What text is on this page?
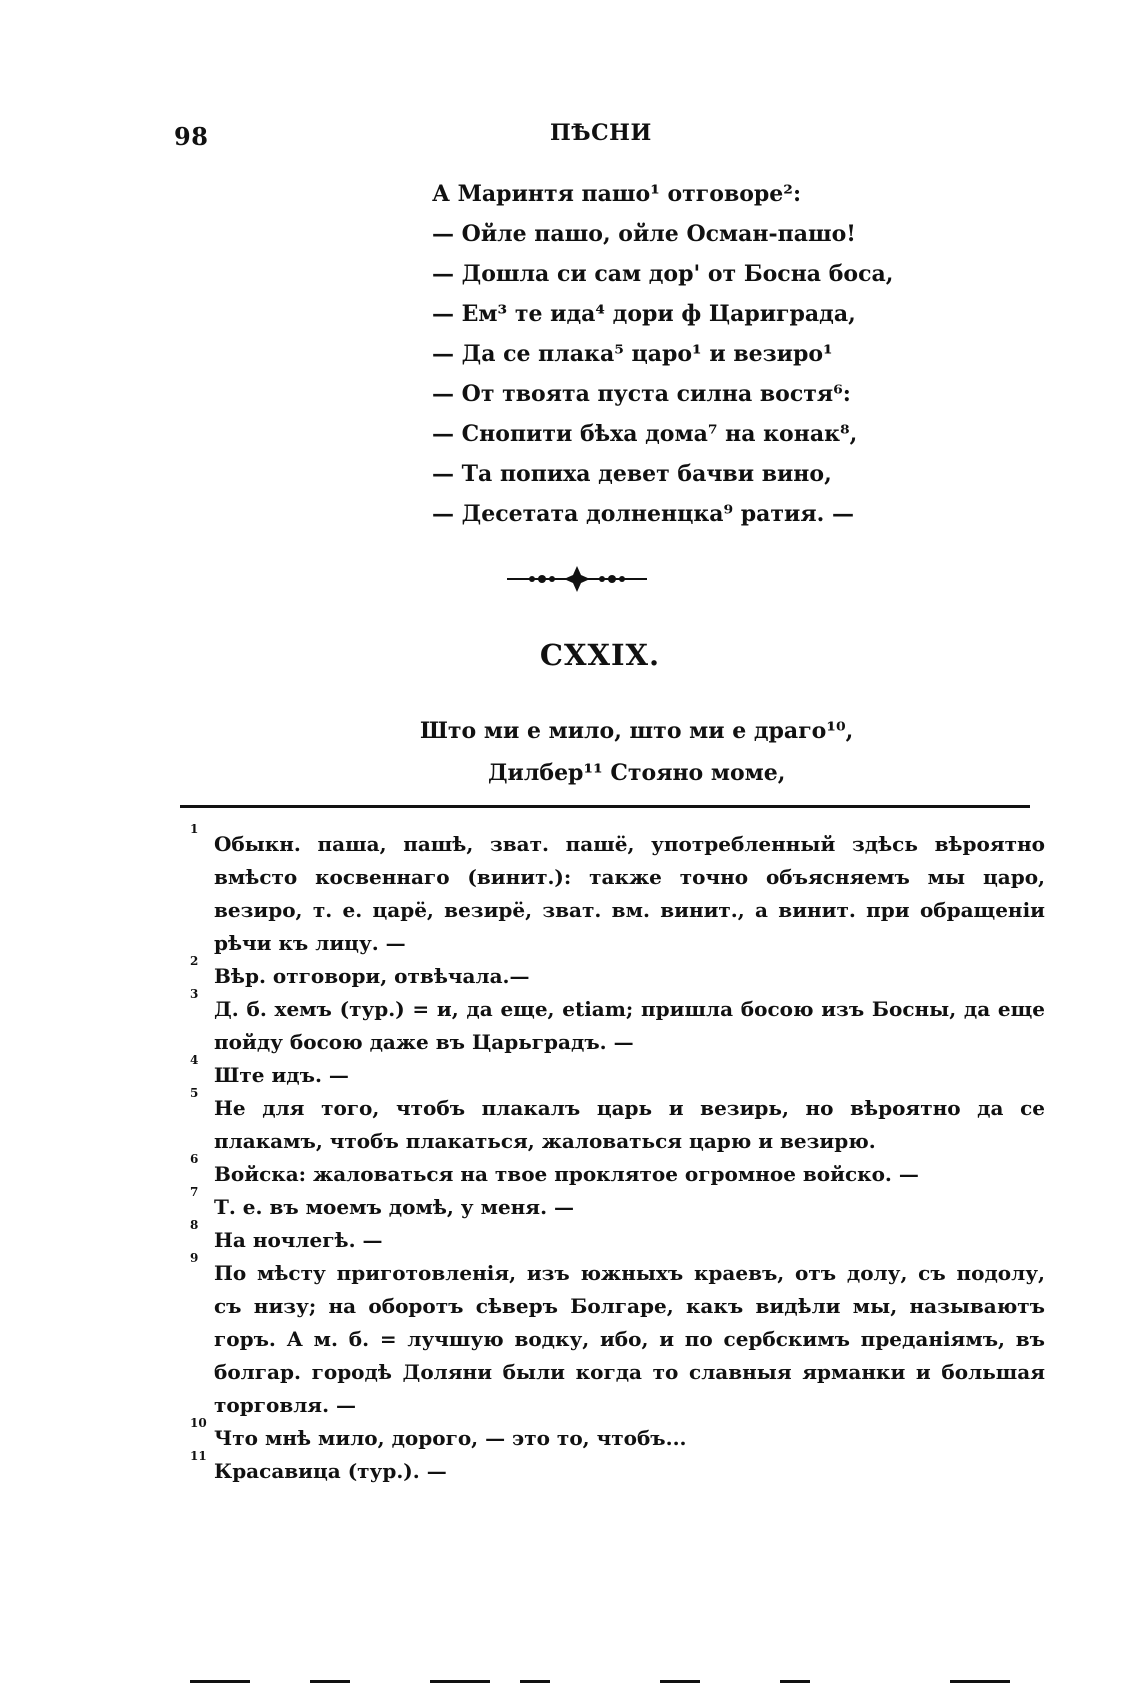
98	ПѢСНИ
А Маринтя пашо¹ отговоре²:
— Ойле пашо, ойле Осман-пашо!
— Дошла си сам дор' от Босна боса,
— Ем³ те ида⁴ дори ф Цариграда,
— Да се плака⁵ царо¹ и везиро¹
— От твоята пуста силна востя⁶:
— Снопити бѣха дома⁷ на конак⁸,
— Та попиха девет бачви вино,
— Десетата долненцка⁹ ратия. —
CXXIX.
Што ми е мило, што ми е драго¹⁰,
Дилбер¹¹ Стояно моме,
1
Обыкн. паша, пашѣ, зват. пашё, употребленный здѣсь вѣроятно вмѣсто косвеннаго (винит.): также точно объясняемъ мы царо, везиро, т. е. царё, везирё, зват. вм. винит., а винит. при обращеніи рѣчи къ лицу. —
2
Вѣр. отговори, отвѣчала.—
3
Д. б. хемъ (тур.) = и, да еще, etiam; пришла босою изъ Босны, да еще пойду босою даже въ Царьградъ. —
4
Ште идъ. —
5
Не для того, чтобъ плакалъ царь и везирь, но вѣроятно да се плакамъ, чтобъ плакаться, жаловаться царю и везирю.
6
Войска: жаловаться на твое проклятое огромное войско. —
7
Т. е. въ моемъ домѣ, у меня. —
8
На ночлегѣ. —
9
По мѣсту приготовленія, изъ южныхъ краевъ, отъ долу, съ подолу, съ низу; на оборотъ сѣверъ Болгаре, какъ видѣли мы, называютъ горъ. А м. б. = лучшую водку, ибо, и по сербскимъ преданіямъ, въ болгар. городѣ Доляни были когда то славныя ярманки и большая торговля. —
10
Что мнѣ мило, дорого, — это то, чтобъ...
11
Красавица (тур.). —
